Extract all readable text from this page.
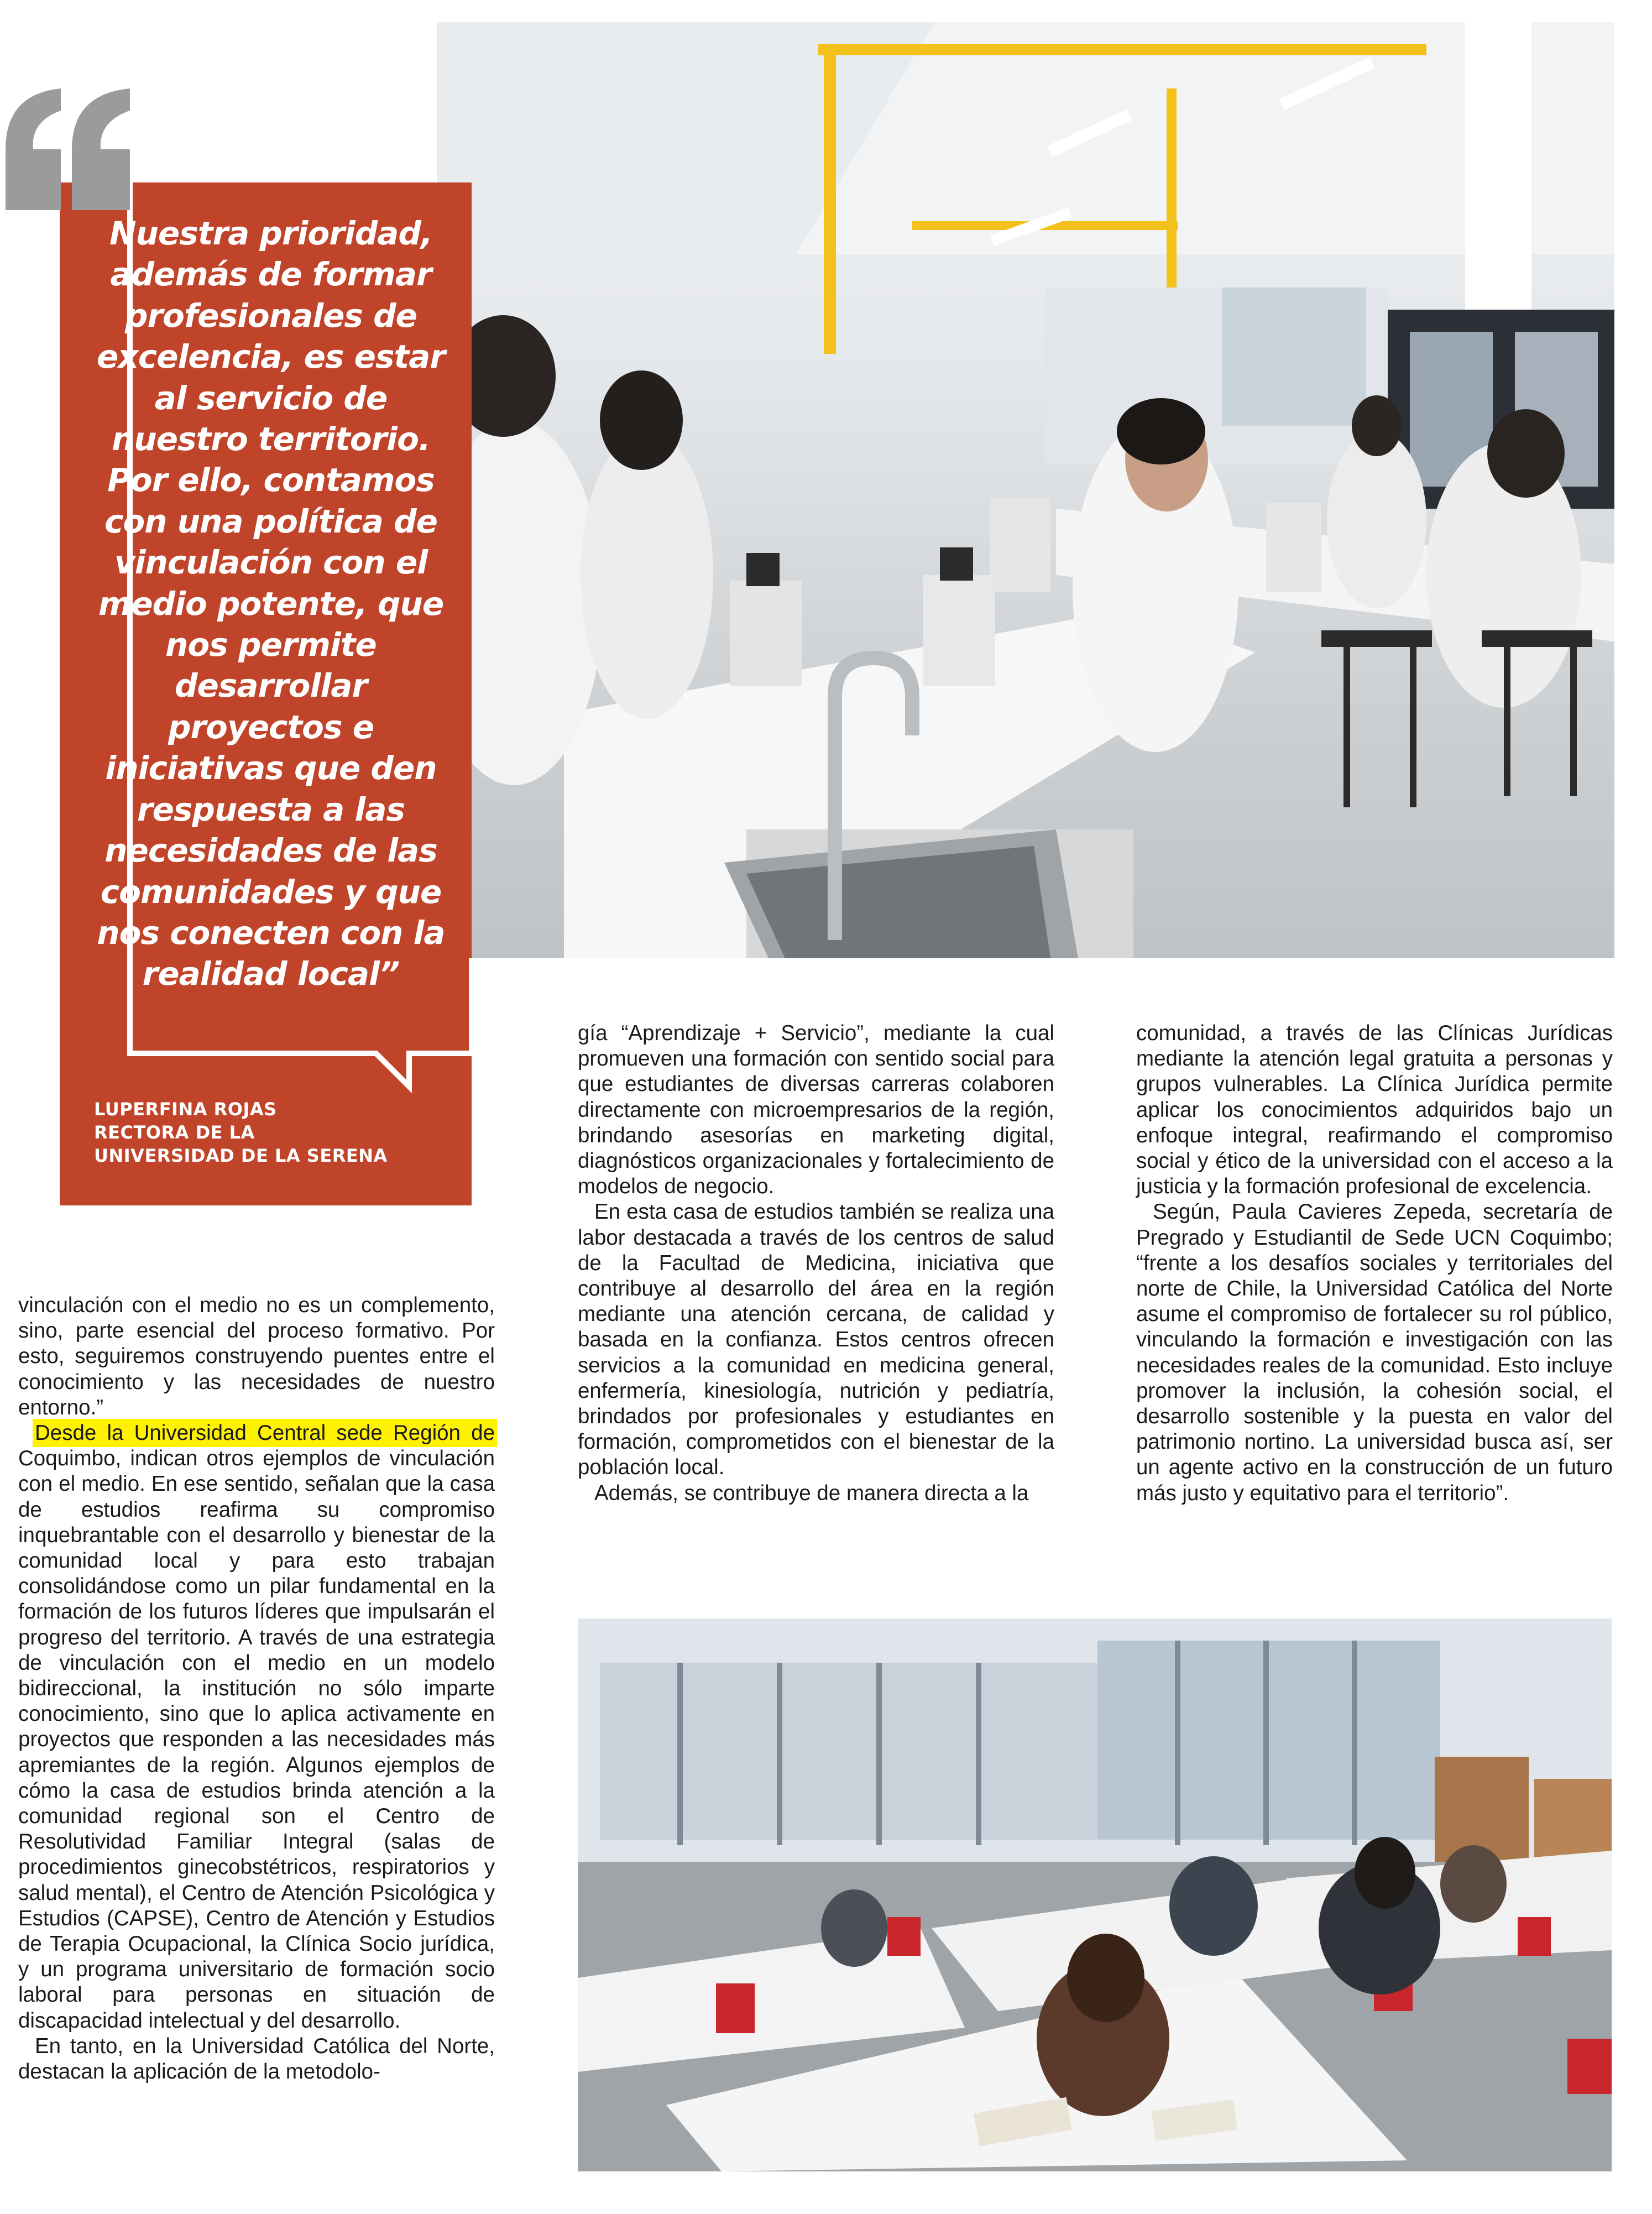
Nuestra prioridad, además de formar profesionales de excelencia, es estar al servicio de nuestro territorio. Por ello, contamos con una política de vinculación con el medio potente, que nos permite desarrollar proyectos e iniciativas que den respuesta a las necesidades de las comunidades y que nos conecten con la realidad local”
LUPERFINA ROJAS
RECTORA DE LA
UNIVERSIDAD DE LA SERENA

vinculación con el medio no es un complemento, sino, parte esencial del proceso formativo. Por esto, seguiremos construyendo puentes entre el conocimiento y las necesidades de nuestro entorno.”

Desde la Universidad Central sede Región de Coquimbo, indican otros ejemplos de vinculación con el medio. En ese sentido, señalan que la casa de estudios reafirma su compromiso inquebrantable con el desarrollo y bienestar de la comunidad local y para esto trabajan consolidándose como un pilar fundamental en la formación de los futuros líderes que impulsarán el progreso del territorio. A través de una estrategia de vinculación con el medio en un modelo bidireccional, la institución no sólo imparte conocimiento, sino que lo aplica activamente en proyectos que responden a las necesidades más apremiantes de la región. Algunos ejemplos de cómo la casa de estudios brinda atención a la comunidad regional son el Centro de Resolutividad Familiar Integral (salas de procedimientos ginecobstétricos, respiratorios y salud mental), el Centro de Atención Psicológica y Estudios (CAPSE), Centro de Atención y Estudios de Terapia Ocupacional, la Clínica Socio jurídica, y un programa universitario de formación socio laboral para personas en situación de discapacidad intelectual y del desarrollo.

En tanto, en la Universidad Católica del Norte, destacan la aplicación de la metodolo-

gía “Aprendizaje + Servicio”, mediante la cual promueven una formación con sentido social para que estudiantes de diversas carreras colaboren directamente con microempresarios de la región, brindando asesorías en marketing digital, diagnósticos organizacionales y fortalecimiento de modelos de negocio.

En esta casa de estudios también se realiza una labor destacada a través de los centros de salud de la Facultad de Medicina, iniciativa que contribuye al desarrollo del área en la región mediante una atención cercana, de calidad y basada en la confianza. Estos centros ofrecen servicios a la comunidad en medicina general, enfermería, kinesiología, nutrición y pediatría, brindados por profesionales y estudiantes en formación, comprometidos con el bienestar de la población local.

Además, se contribuye de manera directa a la

comunidad, a través de las Clínicas Jurídicas mediante la atención legal gratuita a personas y grupos vulnerables. La Clínica Jurídica permite aplicar los conocimientos adquiridos bajo un enfoque integral, reafirmando el compromiso social y ético de la universidad con el acceso a la justicia y la formación profesional de excelencia.

Según, Paula Cavieres Zepeda, secretaría de Pregrado y Estudiantil de Sede UCN Coquimbo; “frente a los desafíos sociales y territoriales del norte de Chile, la Universidad Católica del Norte asume el compromiso de fortalecer su rol público, vinculando la formación e investigación con las necesidades reales de la comunidad. Esto incluye promover la inclusión, la cohesión social, el desarrollo sostenible y la puesta en valor del patrimonio nortino. La universidad busca así, ser un agente activo en la construcción de un futuro más justo y equitativo para el territorio”.
